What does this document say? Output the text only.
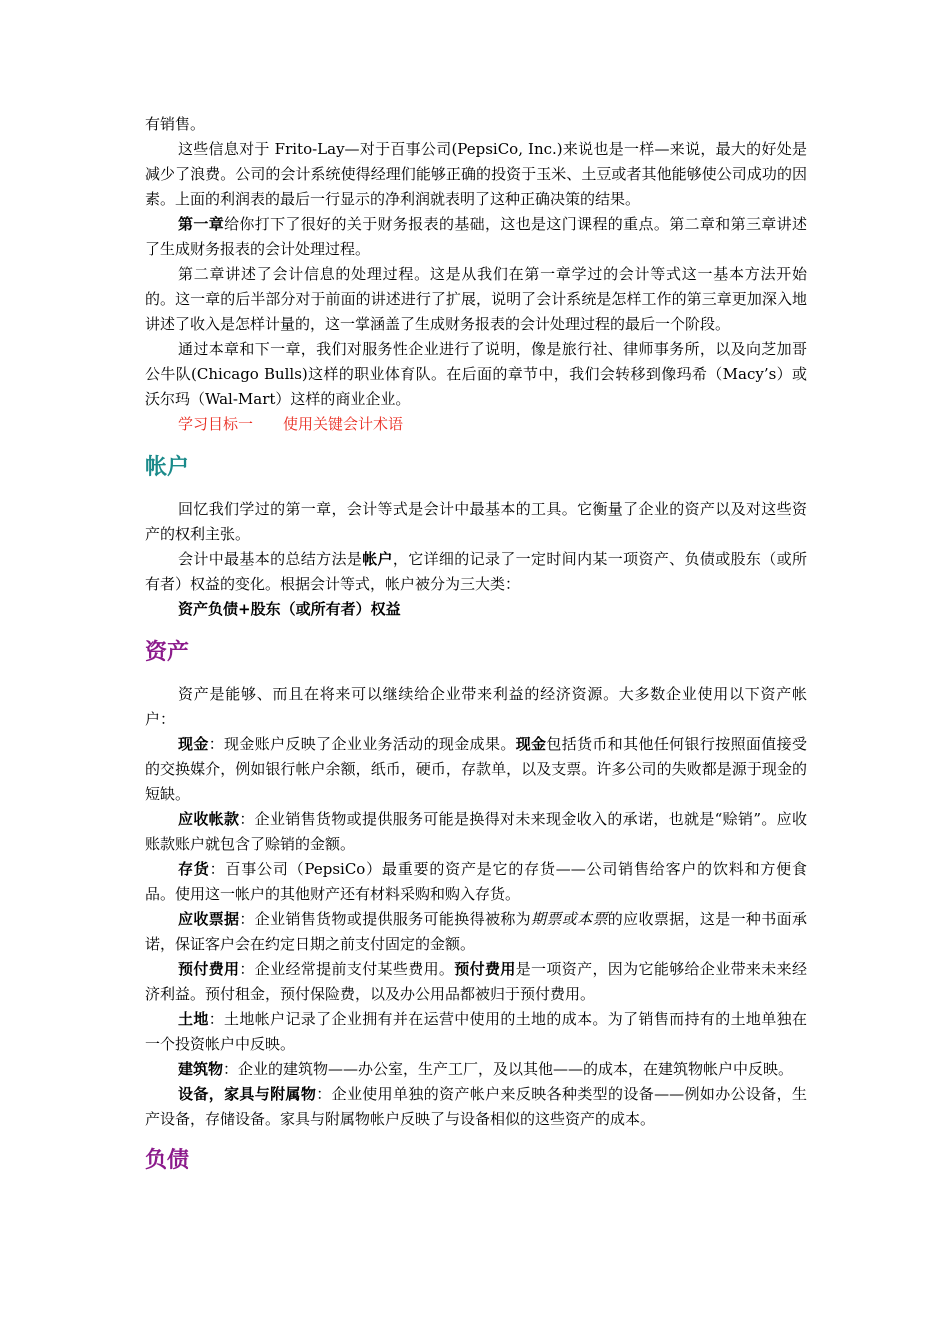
有销售。

这些信息对于 Frito-Lay—对于百事公司(PepsiCo, Inc.)来说也是一样—来说，最大的好处是减少了浪费。公司的会计系统使得经理们能够正确的投资于玉米、土豆或者其他能够使公司成功的因素。上面的利润表的最后一行显示的净利润就表明了这种正确决策的结果。

第一章给你打下了很好的关于财务报表的基础，这也是这门课程的重点。第二章和第三章讲述了生成财务报表的会计处理过程。

第二章讲述了会计信息的处理过程。这是从我们在第一章学过的会计等式这一基本方法开始的。这一章的后半部分对于前面的讲述进行了扩展，说明了会计系统是怎样工作的第三章更加深入地讲述了收入是怎样计量的，这一掌涵盖了生成财务报表的会计处理过程的最后一个阶段。

通过本章和下一章，我们对服务性企业进行了说明，像是旅行社、律师事务所，以及向芝加哥公牛队(Chicago Bulls)这样的职业体育队。在后面的章节中，我们会转移到像玛希（Macy’s）或沃尔玛（Wal-Mart）这样的商业企业。

学习目标一 使用关键会计术语

帐户

回忆我们学过的第一章，会计等式是会计中最基本的工具。它衡量了企业的资产以及对这些资产的权利主张。

会计中最基本的总结方法是帐户，它详细的记录了一定时间内某一项资产、负债或股东（或所有者）权益的变化。根据会计等式，帐户被分为三大类：

资产负债+股东（或所有者）权益

资产

资产是能够、而且在将来可以继续给企业带来利益的经济资源。大多数企业使用以下资产帐户：

现金：现金账户反映了企业业务活动的现金成果。现金包括货币和其他任何银行按照面值接受的交换媒介，例如银行帐户余额，纸币，硬币，存款单，以及支票。许多公司的失败都是源于现金的短缺。

应收帐款：企业销售货物或提供服务可能是换得对未来现金收入的承诺，也就是“赊销”。应收账款账户就包含了赊销的金额。

存货：百事公司（PepsiCo）最重要的资产是它的存货——公司销售给客户的饮料和方便食品。使用这一帐户的其他财产还有材料采购和购入存货。

应收票据：企业销售货物或提供服务可能换得被称为期票或本票的应收票据，这是一种书面承诺，保证客户会在约定日期之前支付固定的金额。

预付费用：企业经常提前支付某些费用。预付费用是一项资产，因为它能够给企业带来未来经济利益。预付租金，预付保险费，以及办公用品都被归于预付费用。

土地：土地帐户记录了企业拥有并在运营中使用的土地的成本。为了销售而持有的土地单独在一个投资帐户中反映。

建筑物：企业的建筑物——办公室，生产工厂，及以其他——的成本，在建筑物帐户中反映。

设备，家具与附属物：企业使用单独的资产帐户来反映各种类型的设备——例如办公设备，生产设备，存储设备。家具与附属物帐户反映了与设备相似的这些资产的成本。

负债
